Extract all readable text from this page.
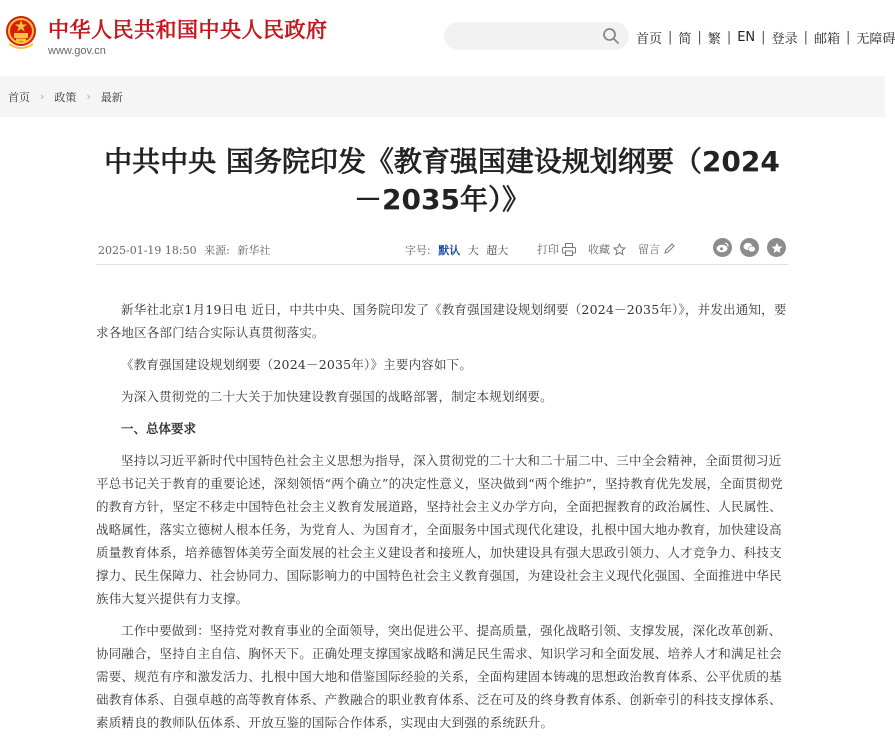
中华人民共和国中央人民政府
www.gov.cn
首页 | 简 | 繁 | EN | 登录 | 邮箱 | 无障碍
首页 › 政策 › 最新
中共中央 国务院印发《教育强国建设规划纲要（2024－2035年）》
2025-01-19 18:50 来源: 新华社	字号: 默认 大 超大	打印	收藏	留言

新华社北京1月19日电 近日，中共中央、国务院印发了《教育强国建设规划纲要（2024－2035年）》，并发出通知，要求各地区各部门结合实际认真贯彻落实。

《教育强国建设规划纲要（2024－2035年）》主要内容如下。

为深入贯彻党的二十大关于加快建设教育强国的战略部署，制定本规划纲要。

一、总体要求

坚持以习近平新时代中国特色社会主义思想为指导，深入贯彻党的二十大和二十届二中、三中全会精神，全面贯彻习近平总书记关于教育的重要论述，深刻领悟“两个确立”的决定性意义，坚决做到“两个维护”，坚持教育优先发展，全面贯彻党的教育方针，坚定不移走中国特色社会主义教育发展道路，坚持社会主义办学方向，全面把握教育的政治属性、人民属性、战略属性，落实立德树人根本任务，为党育人、为国育才，全面服务中国式现代化建设，扎根中国大地办教育，加快建设高质量教育体系，培养德智体美劳全面发展的社会主义建设者和接班人，加快建设具有强大思政引领力、人才竞争力、科技支撑力、民生保障力、社会协同力、国际影响力的中国特色社会主义教育强国，为建设社会主义现代化强国、全面推进中华民族伟大复兴提供有力支撑。

工作中要做到：坚持党对教育事业的全面领导，突出促进公平、提高质量，强化战略引领、支撑发展，深化改革创新、协同融合，坚持自主自信、胸怀天下。正确处理支撑国家战略和满足民生需求、知识学习和全面发展、培养人才和满足社会需要、规范有序和激发活力、扎根中国大地和借鉴国际经验的关系，全面构建固本铸魂的思想政治教育体系、公平优质的基础教育体系、自强卓越的高等教育体系、产教融合的职业教育体系、泛在可及的终身教育体系、创新牵引的科技支撑体系、素质精良的教师队伍体系、开放互鉴的国际合作体系，实现由大到强的系统跃升。
